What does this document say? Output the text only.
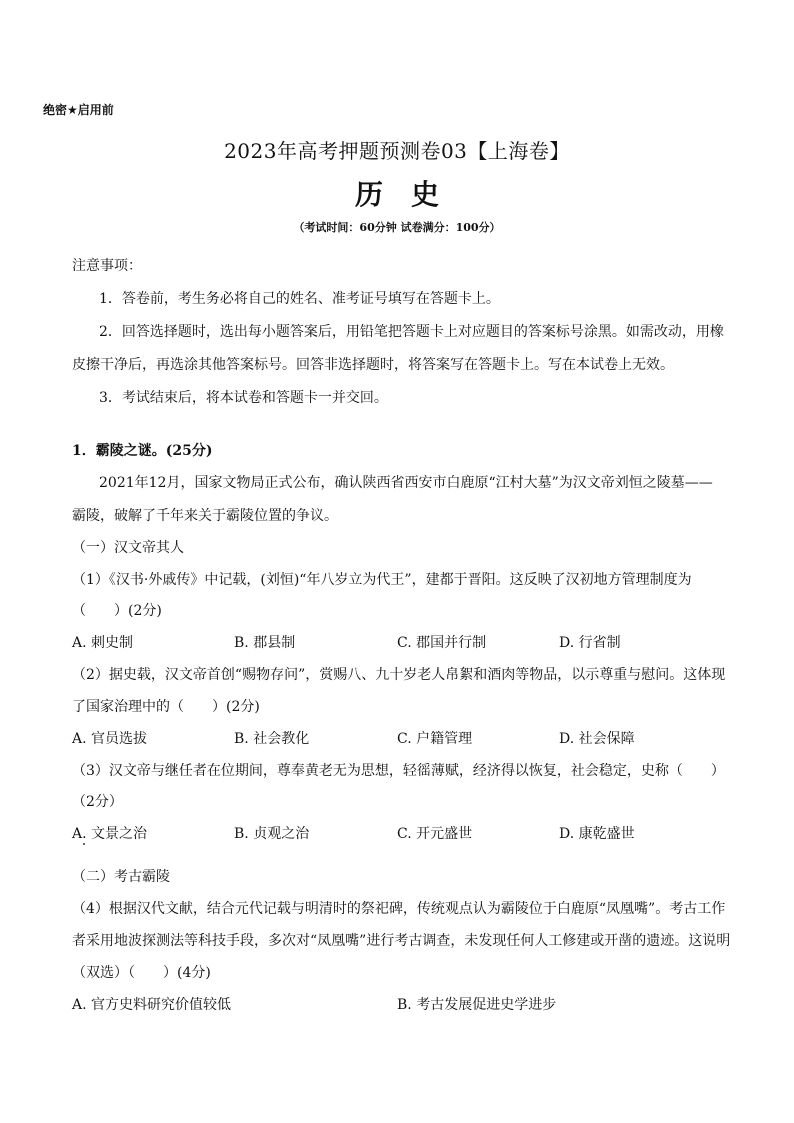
绝密★启用前
2023年高考押题预测卷03【上海卷】
历史
（考试时间：60分钟 试卷满分：100分）
注意事项：
1．答卷前，考生务必将自己的姓名、准考证号填写在答题卡上。
2．回答选择题时，选出每小题答案后，用铅笔把答题卡上对应题目的答案标号涂黑。如需改动，用橡
皮擦干净后，再选涂其他答案标号。回答非选择题时，将答案写在答题卡上。写在本试卷上无效。
3．考试结束后，将本试卷和答题卡一并交回。
1．霸陵之谜。(25分)
2021年12月，国家文物局正式公布，确认陕西省西安市白鹿原“江村大墓”为汉文帝刘恒之陵墓——
霸陵，破解了千年来关于霸陵位置的争议。
（一）汉文帝其人
（1）《汉书·外戚传》中记载，(刘恒)“年八岁立为代王”，建都于晋阳。这反映了汉初地方管理制度为
（　　）(2分)
A. 刺史制	B. 郡县制	C. 郡国并行制	D. 行省制
（2）据史载，汉文帝首创“赐物存问”，赏赐八、九十岁老人帛絮和酒肉等物品，以示尊重与慰问。这体现
了国家治理中的（　　）(2分)
A. 官员选拔	B. 社会教化	C. 户籍管理	D. 社会保障
（3）汉文帝与继任者在位期间，尊奉黄老无为思想，轻徭薄赋，经济得以恢复，社会稳定，史称（　　）
（2分）
A. 文景之治	B. 贞观之治	C. 开元盛世	D. 康乾盛世
（二）考古霸陵
（4）根据汉代文献，结合元代记载与明清时的祭祀碑，传统观点认为霸陵位于白鹿原“凤凰嘴”。考古工作
者采用地波探测法等科技手段，多次对“凤凰嘴”进行考古调查，未发现任何人工修建或开凿的遗迹。这说明
（双选）（　　）(4分)
A. 官方史料研究价值较低	B. 考古发展促进史学进步
